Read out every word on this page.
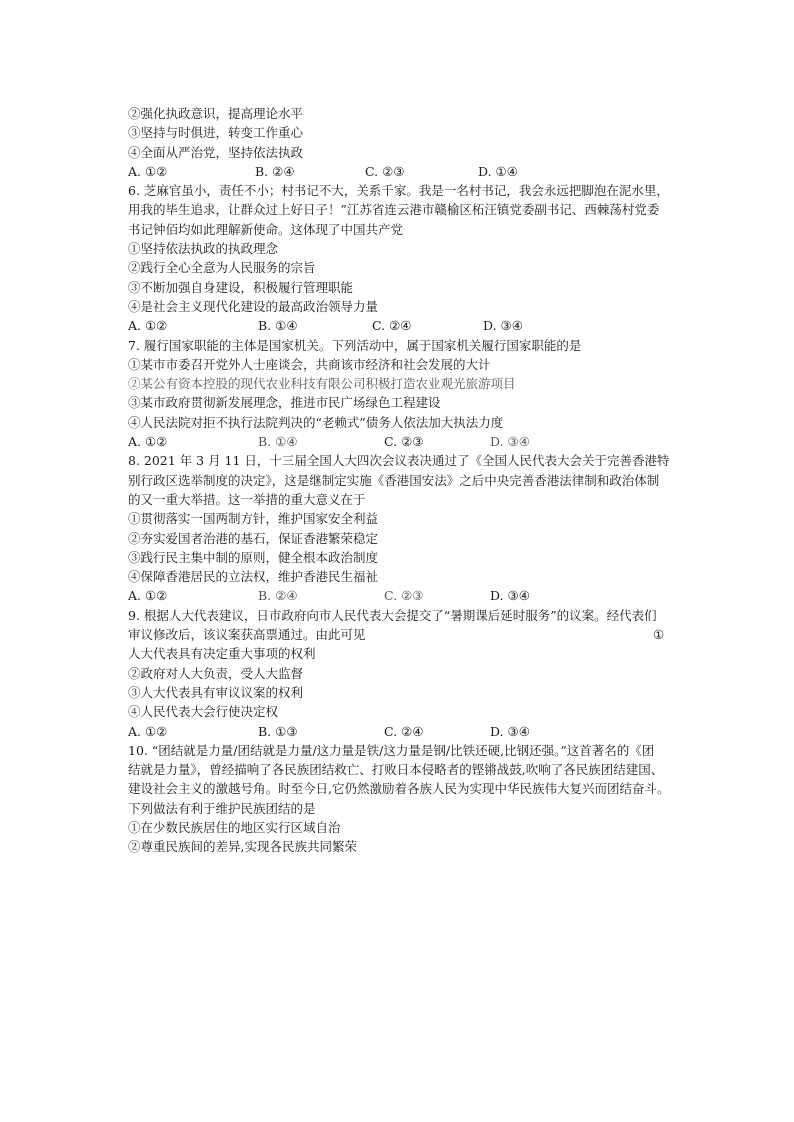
②强化执政意识，提高理论水平
③坚持与时俱进，转变工作重心
④全面从严治党，坚持依法执政
A. ①②	B. ②④	C. ②③	D. ①④
6. 芝麻官虽小，责任不小；村书记不大，关系千家。我是一名村书记，我会永远把脚泡在泥水里，
用我的毕生追求，让群众过上好日子！”江苏省连云港市赣榆区柘汪镇党委副书记、西棘荡村党委
书记钟佰均如此理解新使命。这体现了中国共产党
①坚持依法执政的执政理念
②践行全心全意为人民服务的宗旨
③不断加强自身建设，积极履行管理职能
④是社会主义现代化建设的最高政治领导力量
A. ①②	B. ①④	C. ②④	D. ③④
7. 履行国家职能的主体是国家机关。下列活动中，属于国家机关履行国家职能的是
①某市市委召开党外人士座谈会，共商该市经济和社会发展的大计
②某公有资本控股的现代农业科技有限公司积极打造农业观光旅游项目
③某市政府贯彻新发展理念，推进市民广场绿色工程建设
④人民法院对拒不执行法院判决的“老赖式”债务人依法加大执法力度
A. ①②	B. ①④	C. ②③	D. ③④
8. 2021 年 3 月 11 日，十三届全国人大四次会议表决通过了《全国人民代表大会关于完善香港特
别行政区选举制度的决定》，这是继制定实施《香港国安法》之后中央完善香港法律制和政治体制
的又一重大举措。这一举措的重大意义在于
①贯彻落实一国两制方针，维护国家安全利益
②夯实爱国者治港的基石，保证香港繁荣稳定
③践行民主集中制的原则，健全根本政治制度
④保障香港居民的立法权，维护香港民生福祉
A. ①②	B. ②④	C. ②③	D. ③④
9. 根据人大代表建议，日市政府向市人民代表大会提交了“暑期课后延时服务”的议案。经代表们
审议修改后，该议案获高票通过。由此可见	①
人大代表具有决定重大事项的权利
②政府对人大负责，受人大监督
③人大代表具有审议议案的权利
④人民代表大会行使决定权
A. ①②	B. ①③	C. ②④	D. ③④
10. “团结就是力量/团结就是力量/这力量是铁/这力量是钢/比铁还硬,比钢还强。”这首著名的《团
结就是力量》，曾经描响了各民族团结救亡、打败日本侵略者的铿锵战鼓,吹响了各民族团结建国、
建设社会主义的激越号角。时至今日,它仍然激励着各族人民为实现中华民族伟大复兴而团结奋斗。
下列做法有利于维护民族团结的是
①在少数民族居住的地区实行区域自治
②尊重民族间的差异,实现各民族共同繁荣
